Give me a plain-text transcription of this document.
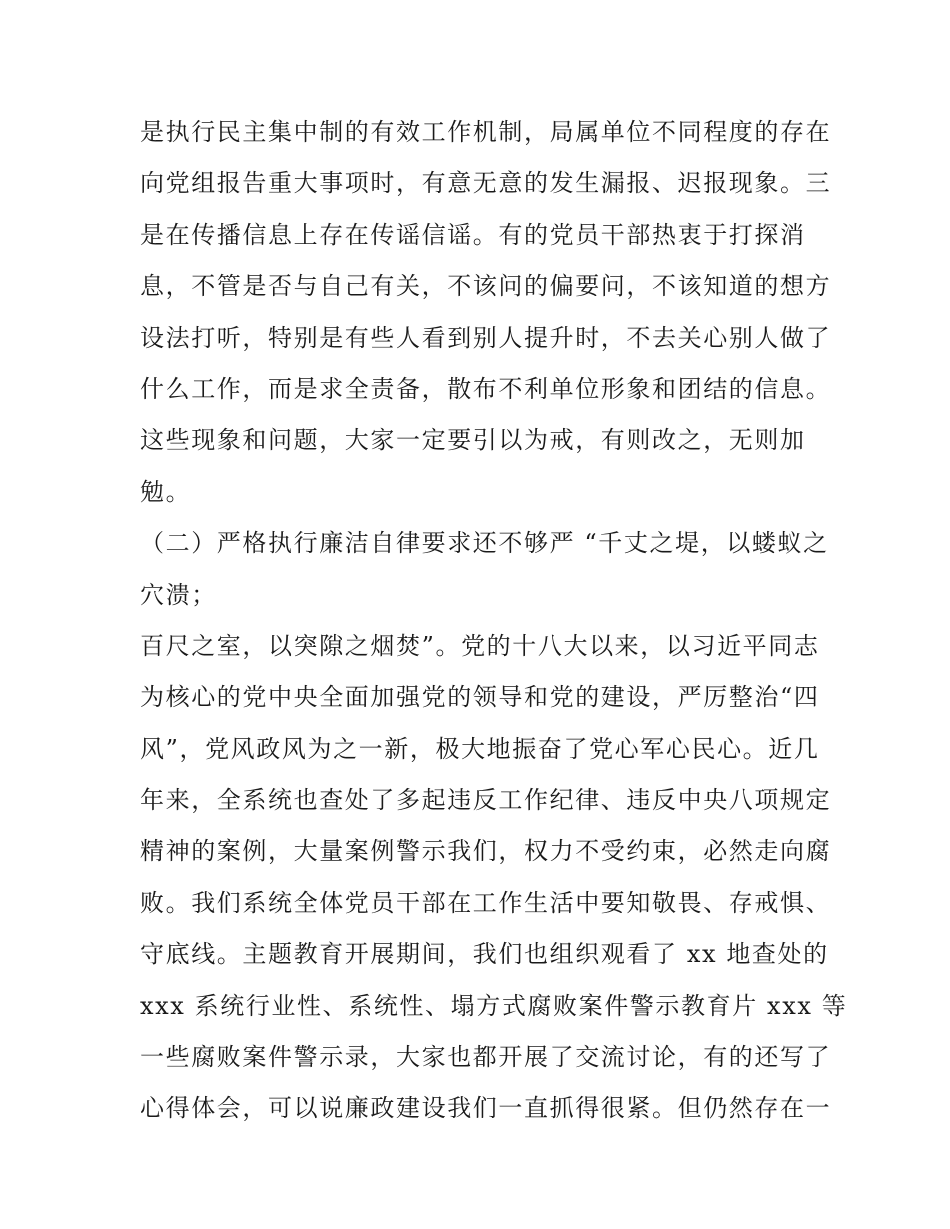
是执行民主集中制的有效工作机制，局属单位不同程度的存在
向党组报告重大事项时，有意无意的发生漏报、迟报现象。三
是在传播信息上存在传谣信谣。有的党员干部热衷于打探消
息，不管是否与自己有关，不该问的偏要问，不该知道的想方
设法打听，特别是有些人看到别人提升时，不去关心别人做了
什么工作，而是求全责备，散布不利单位形象和团结的信息。
这些现象和问题，大家一定要引以为戒，有则改之，无则加
勉。
（二）严格执行廉洁自律要求还不够严 “千丈之堤，以蝼蚁之
穴溃；
百尺之室，以突隙之烟焚”。党的十八大以来，以习近平同志
为核心的党中央全面加强党的领导和党的建设，严厉整治“四
风”，党风政风为之一新，极大地振奋了党心军心民心。近几
年来，全系统也查处了多起违反工作纪律、违反中央八项规定
精神的案例，大量案例警示我们，权力不受约束，必然走向腐
败。我们系统全体党员干部在工作生活中要知敬畏、存戒惧、
守底线。主题教育开展期间，我们也组织观看了 xx 地查处的
xxx 系统行业性、系统性、塌方式腐败案件警示教育片 xxx 等
一些腐败案件警示录，大家也都开展了交流讨论，有的还写了
心得体会，可以说廉政建设我们一直抓得很紧。但仍然存在一
